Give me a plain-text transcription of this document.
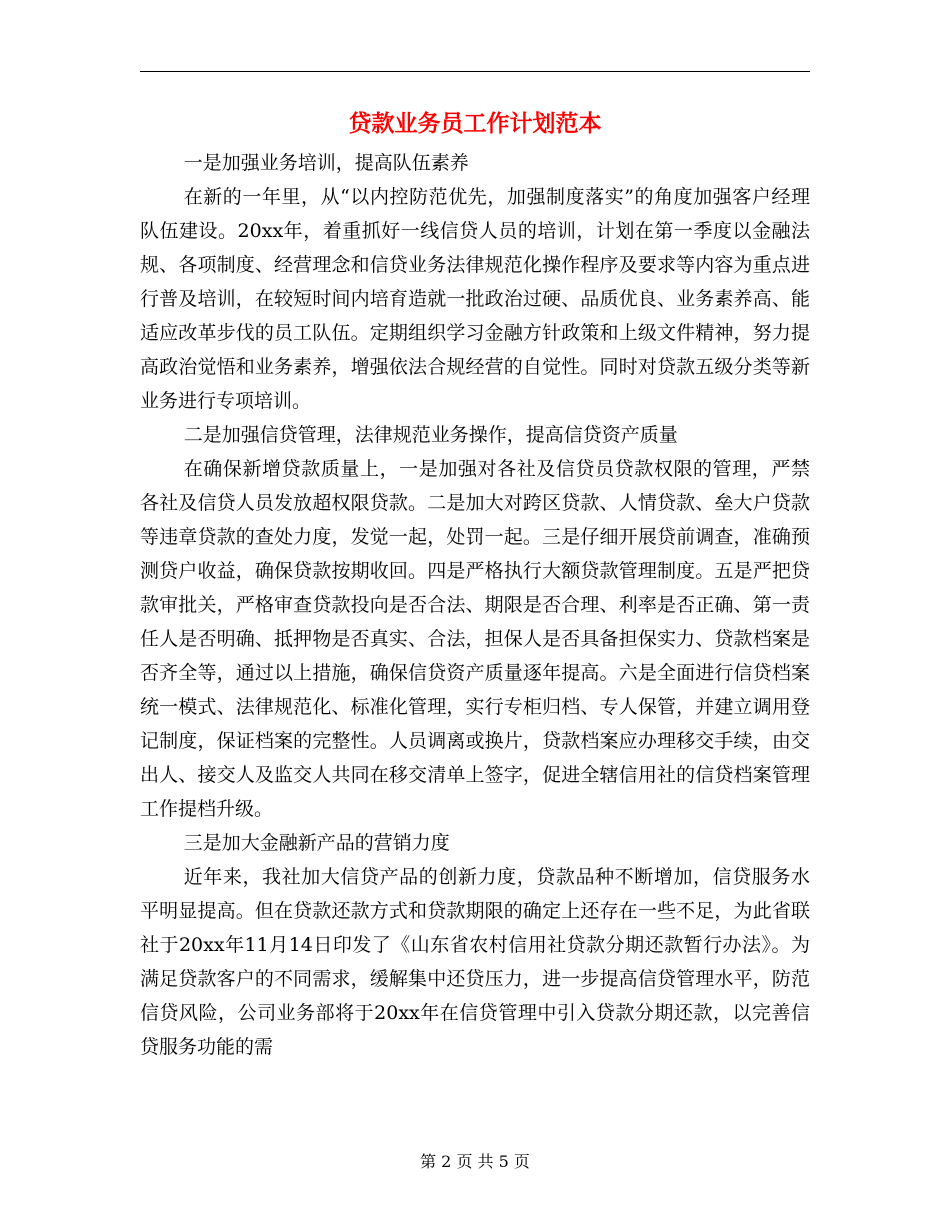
贷款业务员工作计划范本

一是加强业务培训，提高队伍素养

在新的一年里，从“以内控防范优先，加强制度落实”的角度加强客户经理队伍建设。20xx年，着重抓好一线信贷人员的培训，计划在第一季度以金融法规、各项制度、经营理念和信贷业务法律规范化操作程序及要求等内容为重点进行普及培训，在较短时间内培育造就一批政治过硬、品质优良、业务素养高、能适应改革步伐的员工队伍。定期组织学习金融方针政策和上级文件精神，努力提高政治觉悟和业务素养，增强依法合规经营的自觉性。同时对贷款五级分类等新业务进行专项培训。

二是加强信贷管理，法律规范业务操作，提高信贷资产质量

在确保新增贷款质量上，一是加强对各社及信贷员贷款权限的管理，严禁各社及信贷人员发放超权限贷款。二是加大对跨区贷款、人情贷款、垒大户贷款等违章贷款的查处力度，发觉一起，处罚一起。三是仔细开展贷前调查，准确预测贷户收益，确保贷款按期收回。四是严格执行大额贷款管理制度。五是严把贷款审批关，严格审查贷款投向是否合法、期限是否合理、利率是否正确、第一责任人是否明确、抵押物是否真实、合法，担保人是否具备担保实力、贷款档案是否齐全等，通过以上措施，确保信贷资产质量逐年提高。六是全面进行信贷档案统一模式、法律规范化、标准化管理，实行专柜归档、专人保管，并建立调用登记制度，保证档案的完整性。人员调离或换片，贷款档案应办理移交手续，由交出人、接交人及监交人共同在移交清单上签字，促进全辖信用社的信贷档案管理工作提档升级。

三是加大金融新产品的营销力度

近年来，我社加大信贷产品的创新力度，贷款品种不断增加，信贷服务水平明显提高。但在贷款还款方式和贷款期限的确定上还存在一些不足，为此省联社于20xx年11月14日印发了《山东省农村信用社贷款分期还款暂行办法》。为满足贷款客户的不同需求，缓解集中还贷压力，进一步提高信贷管理水平，防范信贷风险，公司业务部将于20xx年在信贷管理中引入贷款分期还款，以完善信贷服务功能的需

第 2 页 共 5 页
